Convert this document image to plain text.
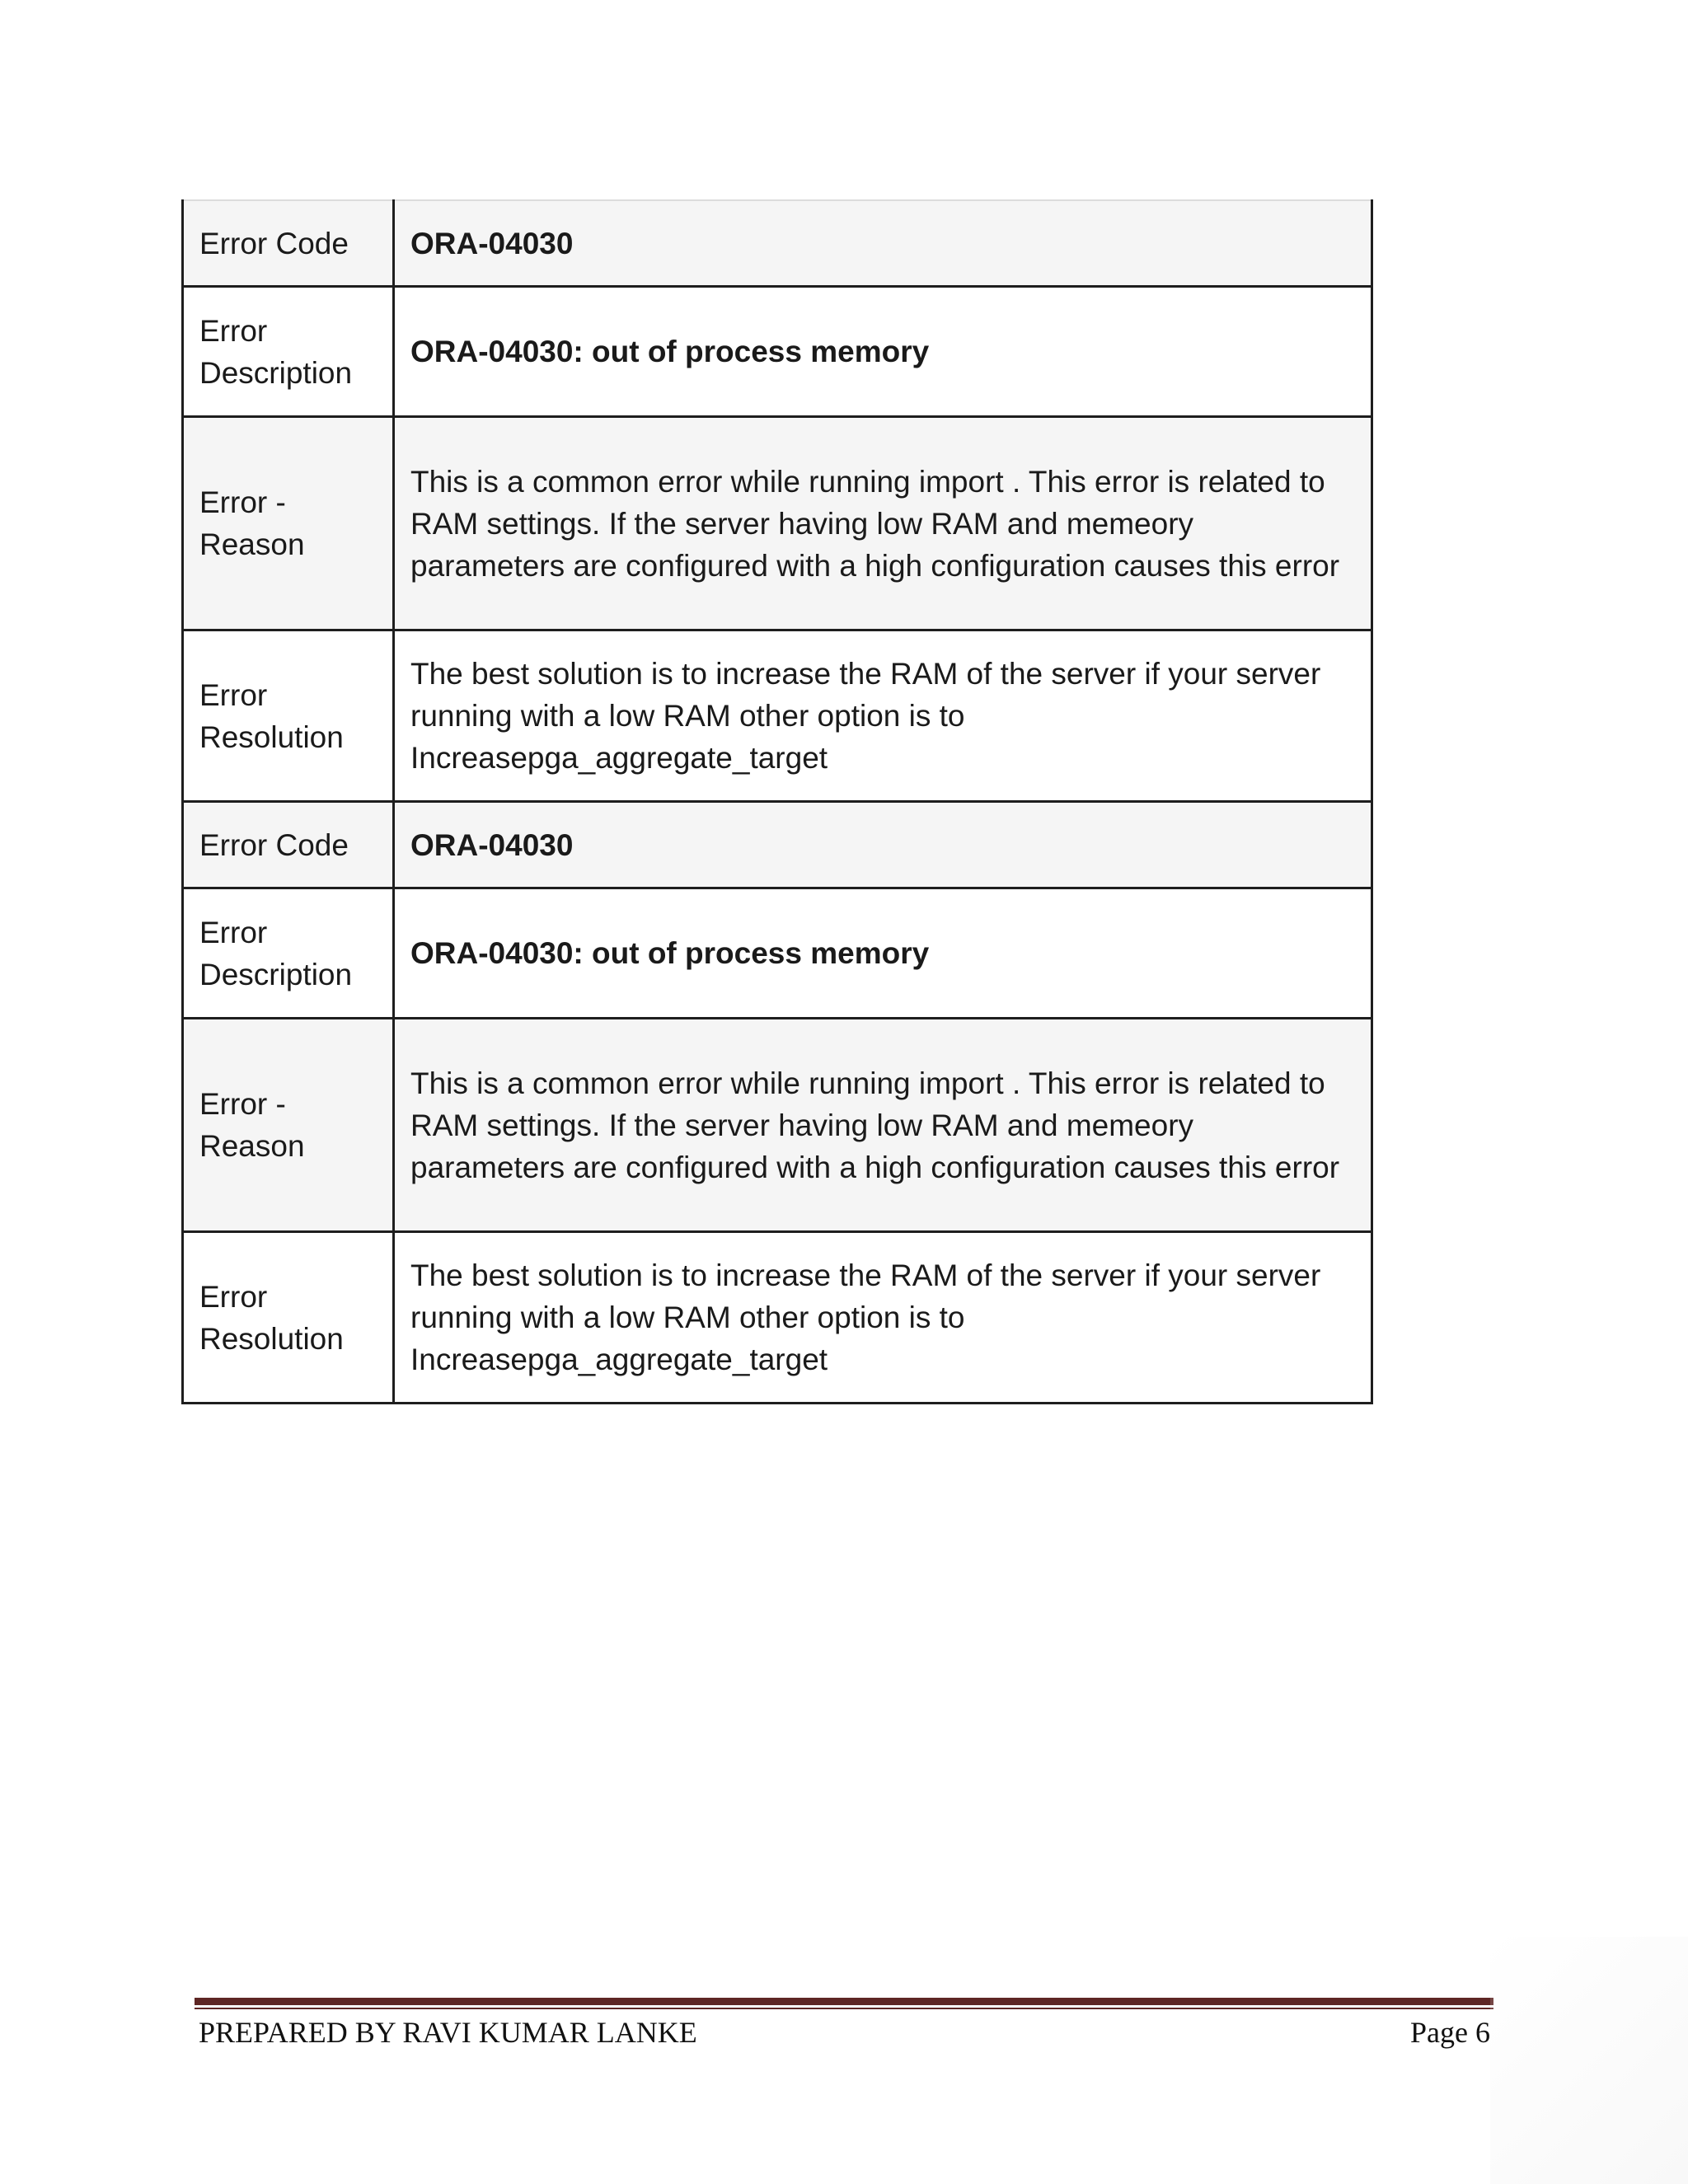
Error Code	ORA-04030
Error Description	ORA-04030: out of process memory
Error - Reason	This is a common error while running import . This error is related to RAM settings. If the server having low RAM and memeory parameters are configured with a high configuration causes this error
Error Resolution	The best solution is to increase the RAM of the server if your server running with a low RAM other option is to Increasepga_aggregate_target
Error Code	ORA-04030
Error Description	ORA-04030: out of process memory
Error - Reason	This is a common error while running import . This error is related to RAM settings. If the server having low RAM and memeory parameters are configured with a high configuration causes this error
Error Resolution	The best solution is to increase the RAM of the server if your server running with a low RAM other option is to Increasepga_aggregate_target
PREPARED BY RAVI KUMAR LANKE	Page 6
